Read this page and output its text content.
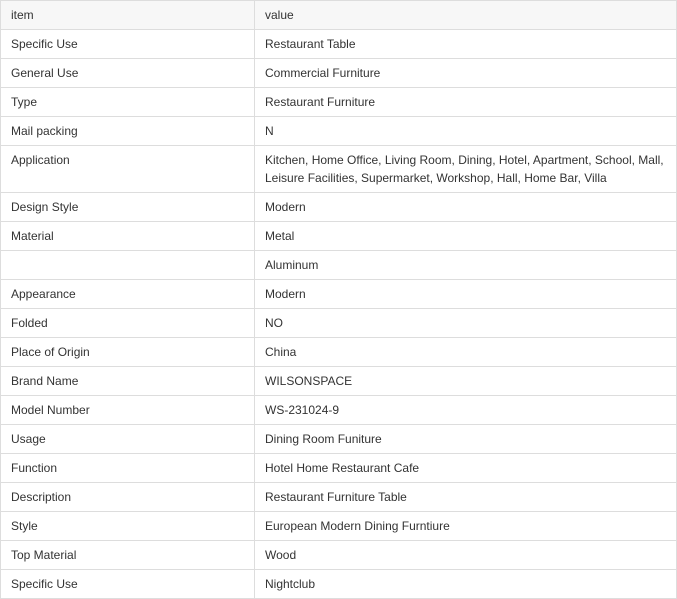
item	value
Specific Use	Restaurant Table
General Use	Commercial Furniture
Type	Restaurant Furniture
Mail packing	N
Application	Kitchen, Home Office, Living Room, Dining, Hotel, Apartment, School, Mall, Leisure Facilities, Supermarket, Workshop, Hall, Home Bar, Villa
Design Style	Modern
Material	Metal
	Aluminum
Appearance	Modern
Folded	NO
Place of Origin	China
Brand Name	WILSONSPACE
Model Number	WS-231024-9
Usage	Dining Room Funiture
Function	Hotel Home Restaurant Cafe
Description	Restaurant Furniture Table
Style	European Modern Dining Furntiure
Top Material	Wood
Specific Use	Nightclub
